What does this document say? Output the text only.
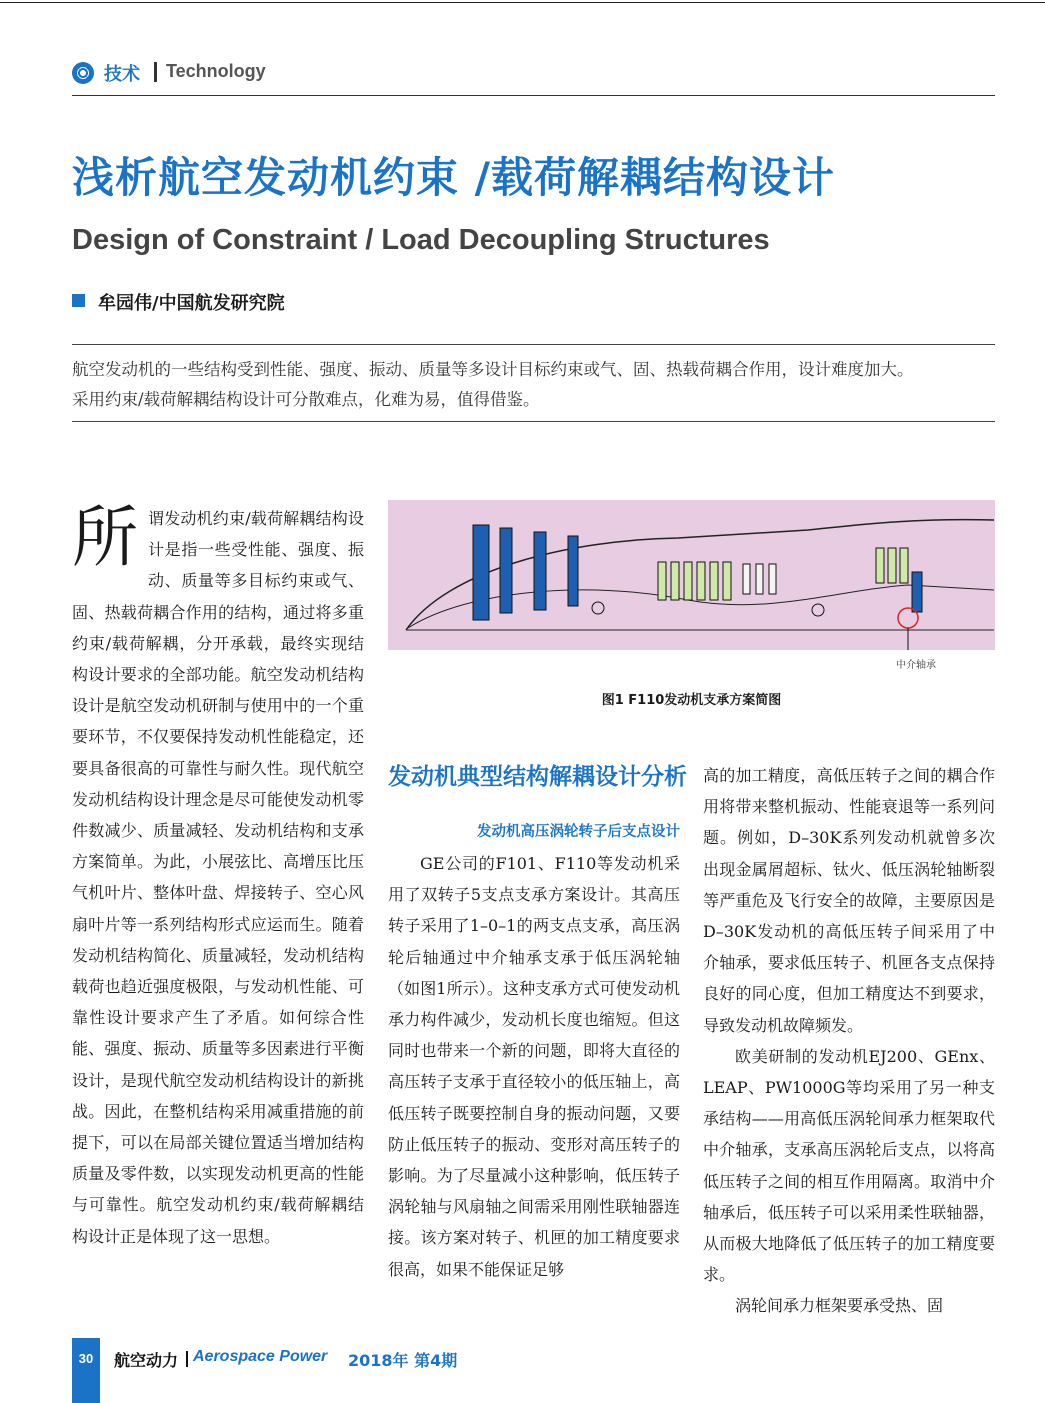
技术 Technology
浅析航空发动机约束 /载荷解耦结构设计
Design of Constraint / Load Decoupling Structures
牟园伟/中国航发研究院

航空发动机的一些结构受到性能、强度、振动、质量等多设计目标约束或气、固、热载荷耦合作用，设计难度加大。

采用约束/载荷解耦结构设计可分散难点，化难为易，值得借鉴。

所谓发动机约束/载荷解耦结构设计是指一些受性能、强度、振动、质量等多目标约束或气、固、热载荷耦合作用的结构，通过将多重约束/载荷解耦，分开承载，最终实现结构设计要求的全部功能。航空发动机结构设计是航空发动机研制与使用中的一个重要环节，不仅要保持发动机性能稳定，还要具备很高的可靠性与耐久性。现代航空发动机结构设计理念是尽可能使发动机零件数减少、质量减轻、发动机结构和支承方案简单。为此，小展弦比、高增压比压气机叶片、整体叶盘、焊接转子、空心风扇叶片等一系列结构形式应运而生。随着发动机结构简化、质量减轻，发动机结构载荷也趋近强度极限，与发动机性能、可靠性设计要求产生了矛盾。如何综合性能、强度、振动、质量等多因素进行平衡设计，是现代航空发动机结构设计的新挑战。因此，在整机结构采用减重措施的前提下，可以在局部关键位置适当增加结构质量及零件数，以实现发动机更高的性能与可靠性。航空发动机约束/载荷解耦结构设计正是体现了这一思想。

中介轴承
图1 F110发动机支承方案简图
发动机典型结构解耦设计分析
发动机高压涡轮转子后支点设计

GE公司的F101、F110等发动机采用了双转子5支点支承方案设计。其高压转子采用了1–0–1的两支点支承，高压涡轮后轴通过中介轴承支承于低压涡轮轴（如图1所示）。这种支承方式可使发动机承力构件减少，发动机长度也缩短。但这同时也带来一个新的问题，即将大直径的高压转子支承于直径较小的低压轴上，高低压转子既要控制自身的振动问题，又要防止低压转子的振动、变形对高压转子的影响。为了尽量减小这种影响，低压转子涡轮轴与风扇轴之间需采用刚性联轴器连接。该方案对转子、机匣的加工精度要求很高，如果不能保证足够

高的加工精度，高低压转子之间的耦合作用将带来整机振动、性能衰退等一系列问题。例如，D–30K系列发动机就曾多次出现金属屑超标、钛火、低压涡轮轴断裂等严重危及飞行安全的故障，主要原因是D–30K发动机的高低压转子间采用了中介轴承，要求低压转子、机匣各支点保持良好的同心度，但加工精度达不到要求，导致发动机故障频发。

欧美研制的发动机EJ200、GEnx、LEAP、PW1000G等均采用了另一种支承结构——用高低压涡轮间承力框架取代中介轴承，支承高压涡轮后支点，以将高低压转子之间的相互作用隔离。取消中介轴承后，低压转子可以采用柔性联轴器，从而极大地降低了低压转子的加工精度要求。

涡轮间承力框架要承受热、固

30	航空动力 Aerospace Power 2018年 第4期
